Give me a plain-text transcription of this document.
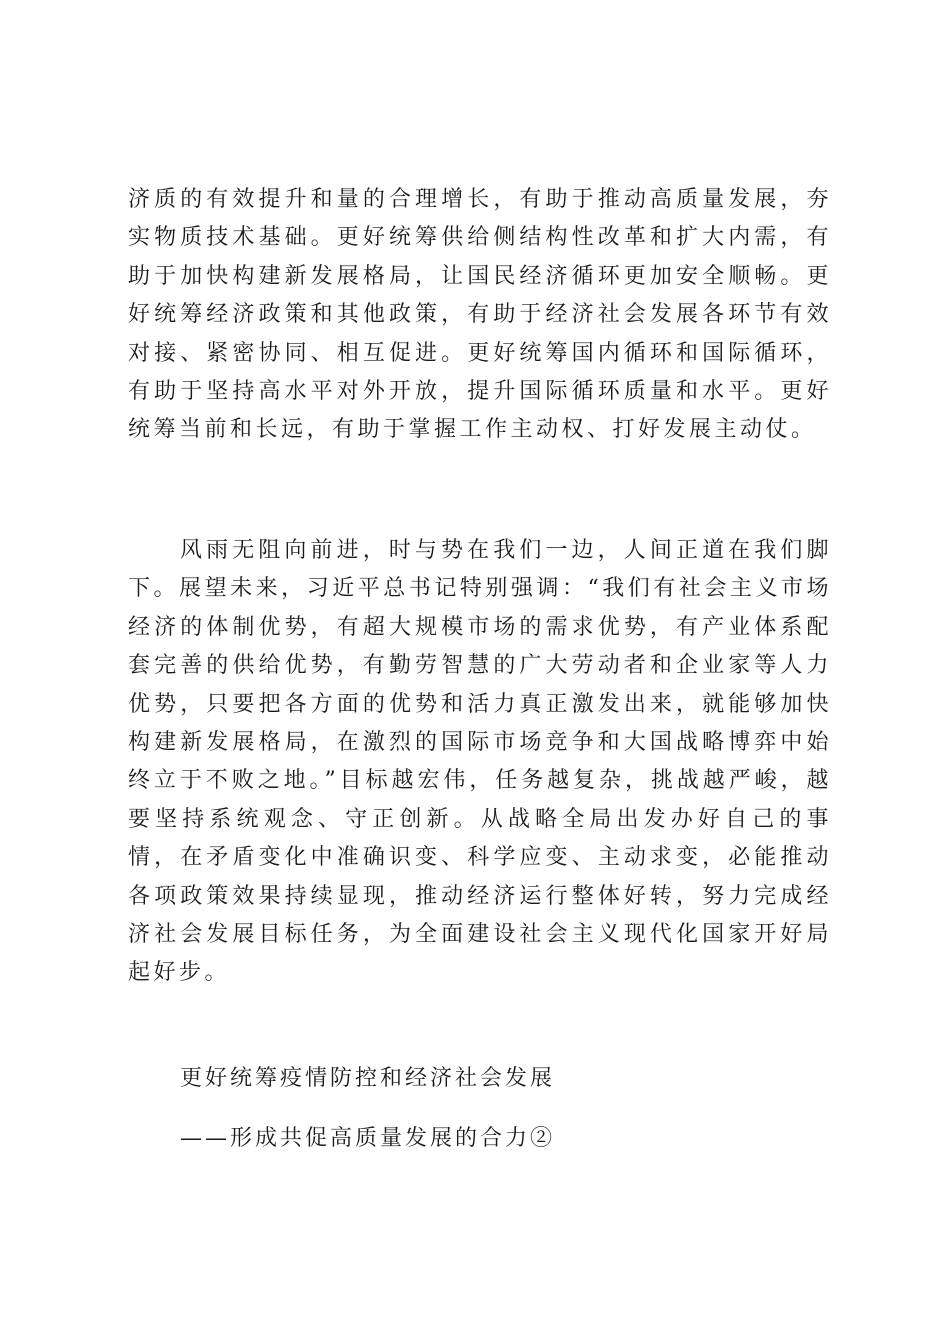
济质的有效提升和量的合理增长，有助于推动高质量发展，夯实物质技术基础。更好统筹供给侧结构性改革和扩大内需，有助于加快构建新发展格局，让国民经济循环更加安全顺畅。更好统筹经济政策和其他政策，有助于经济社会发展各环节有效对接、紧密协同、相互促进。更好统筹国内循环和国际循环，有助于坚持高水平对外开放，提升国际循环质量和水平。更好统筹当前和长远，有助于掌握工作主动权、打好发展主动仗。

风雨无阻向前进，时与势在我们一边，人间正道在我们脚下。展望未来，习近平总书记特别强调：“我们有社会主义市场经济的体制优势，有超大规模市场的需求优势，有产业体系配套完善的供给优势，有勤劳智慧的广大劳动者和企业家等人力优势，只要把各方面的优势和活力真正激发出来，就能够加快构建新发展格局，在激烈的国际市场竞争和大国战略博弈中始终立于不败之地。”目标越宏伟，任务越复杂，挑战越严峻，越要坚持系统观念、守正创新。从战略全局出发办好自己的事情，在矛盾变化中准确识变、科学应变、主动求变，必能推动各项政策效果持续显现，推动经济运行整体好转，努力完成经济社会发展目标任务，为全面建设社会主义现代化国家开好局起好步。

更好统筹疫情防控和经济社会发展

——形成共促高质量发展的合力②
